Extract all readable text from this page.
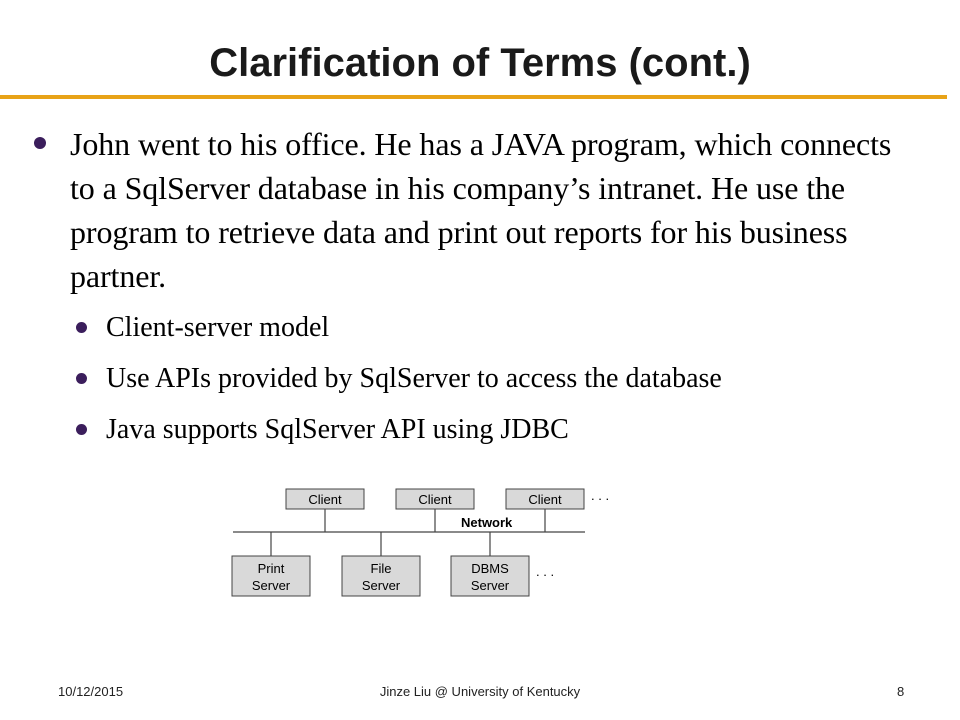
Clarification of Terms (cont.)

John went to his office. He has a JAVA program, which connects to a SqlServer database in his company’s intranet. He use the program to retrieve data and print out reports for his business partner.

Client-server model

Use APIs provided by SqlServer to access the database

Java supports SqlServer API using JDBC

Client	Client	Client . . .
Network
Print
Server
File
Server
DBMS
Server
. . .
10/12/2015	Jinze Liu @ University of Kentucky	8
